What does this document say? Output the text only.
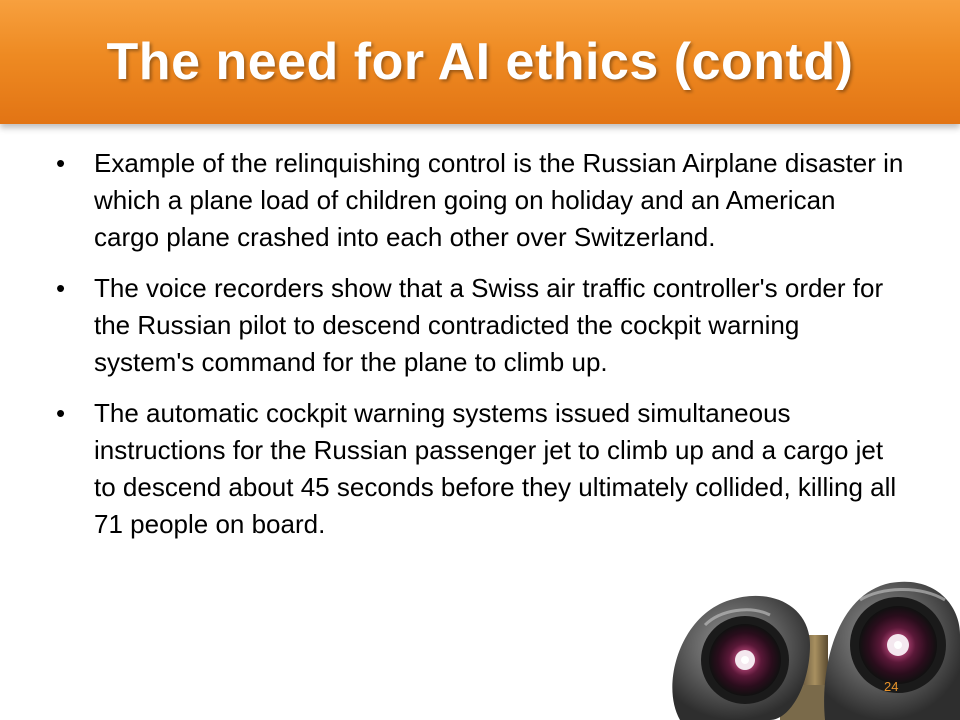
The need for AI ethics (contd)
• Example of the relinquishing control is the Russian Airplane disaster in which a plane load of children going on holiday and an American cargo plane crashed into each other over Switzerland.
• The voice recorders show that a Swiss air traffic controller's order for the Russian pilot to descend contradicted the cockpit warning system's command for the plane to climb up.
• The automatic cockpit warning systems issued simultaneous instructions for the Russian passenger jet to climb up and a cargo jet to descend about 45 seconds before they ultimately collided, killing all 71 people on board.
24
